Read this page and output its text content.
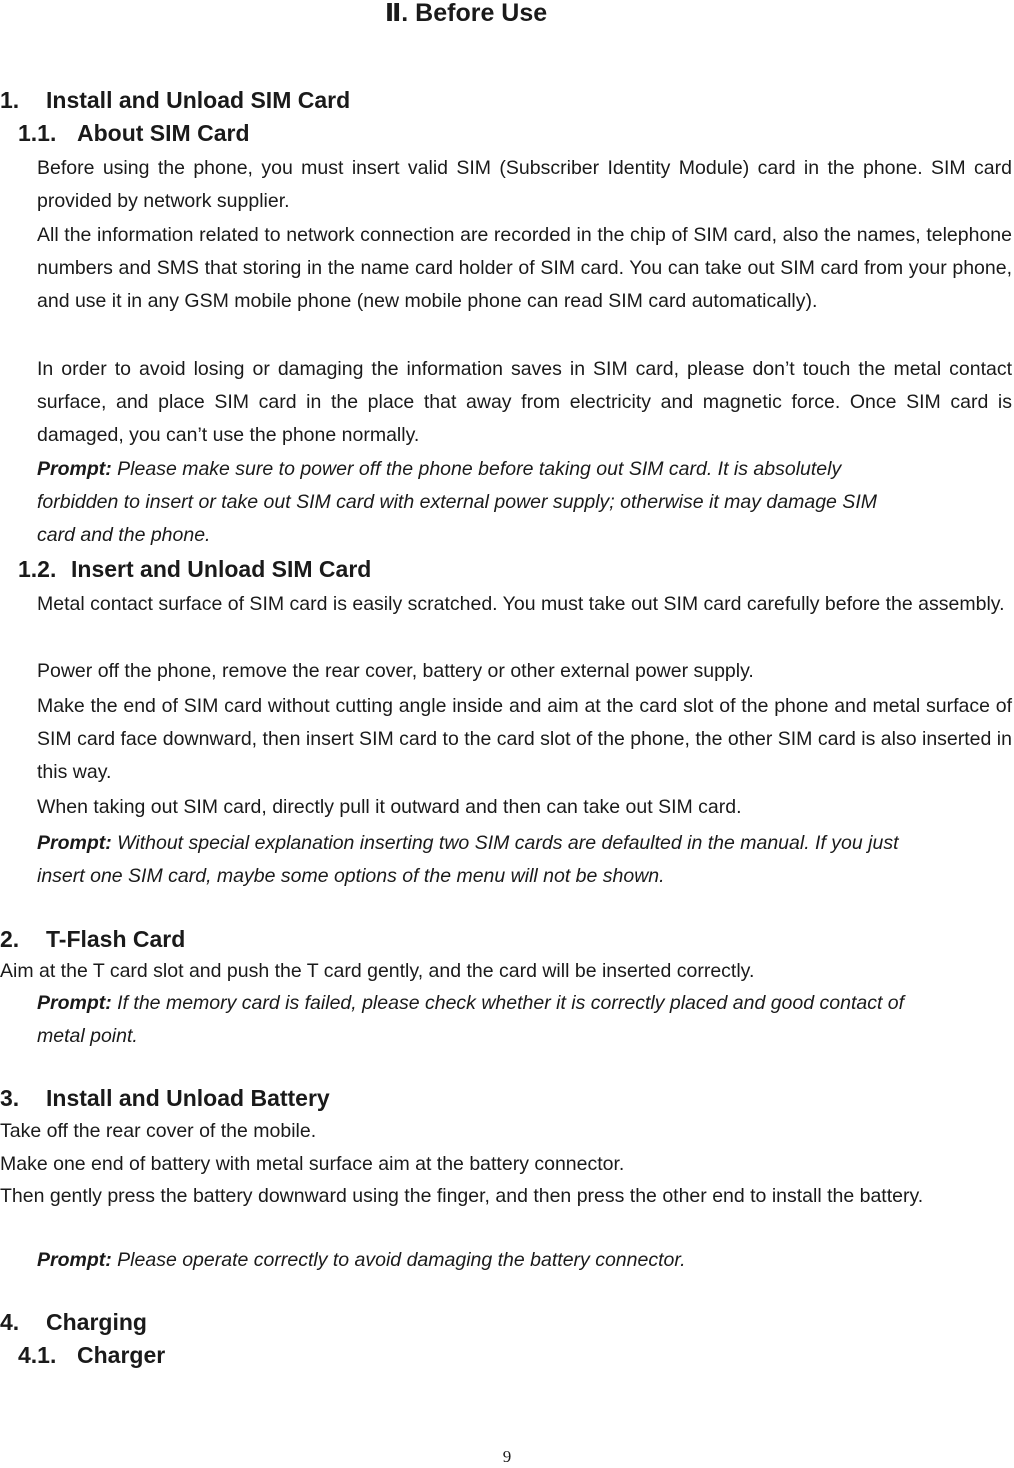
Ⅱ. Before Use
1. Install and Unload SIM Card
1.1. About SIM Card

Before using the phone, you must insert valid SIM (Subscriber Identity Module) card in the phone. SIM card provided by network supplier.

All the information related to network connection are recorded in the chip of SIM card, also the names, telephone numbers and SMS that storing in the name card holder of SIM card. You can take out SIM card from your phone, and use it in any GSM mobile phone (new mobile phone can read SIM card automatically).

In order to avoid losing or damaging the information saves in SIM card, please don’t touch the metal contact surface, and place SIM card in the place that away from electricity and magnetic force. Once SIM card is damaged, you can’t use the phone normally.

Prompt: Please make sure to power off the phone before taking out SIM card. It is absolutely
forbidden to insert or take out SIM card with external power supply; otherwise it may damage SIM
card and the phone.
1.2. Insert and Unload SIM Card

Metal contact surface of SIM card is easily scratched. You must take out SIM card carefully before the assembly.

Power off the phone, remove the rear cover, battery or other external power supply.

Make the end of SIM card without cutting angle inside and aim at the card slot of the phone and metal surface of SIM card face downward, then insert SIM card to the card slot of the phone, the other SIM card is also inserted in this way.

When taking out SIM card, directly pull it outward and then can take out SIM card.

Prompt: Without special explanation inserting two SIM cards are defaulted in the manual. If you just
insert one SIM card, maybe some options of the menu will not be shown.
2. T-Flash Card

Aim at the T card slot and push the T card gently, and the card will be inserted correctly.

Prompt: If the memory card is failed, please check whether it is correctly placed and good contact of
metal point.
3. Install and Unload Battery

Take off the rear cover of the mobile.

Make one end of battery with metal surface aim at the battery connector.

Then gently press the battery downward using the finger, and then press the other end to install the battery.

Prompt: Please operate correctly to avoid damaging the battery connector.
4. Charging
4.1. Charger
9
